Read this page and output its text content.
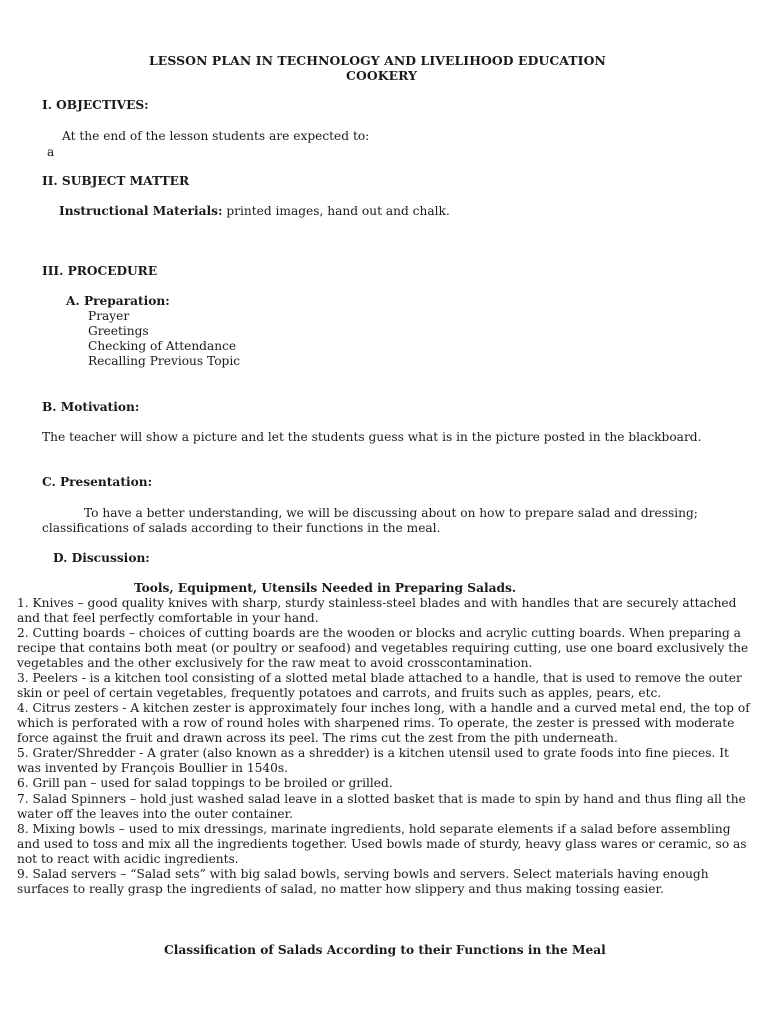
LESSON PLAN IN TECHNOLOGY AND LIVELIHOOD EDUCATION
COOKERY
I. OBJECTIVES:
At the end of the lesson students are expected to:
a
II. SUBJECT MATTER
Instructional Materials: printed images, hand out and chalk.
III. PROCEDURE
A. Preparation:
Prayer
Greetings
Checking of Attendance
Recalling Previous Topic
B. Motivation:
The teacher will show a picture and let the students guess what is in the picture posted in the blackboard.
C. Presentation:
To have a better understanding, we will be discussing about on how to prepare salad and dressing;
classifications of salads according to their functions in the meal.
D. Discussion:
Tools, Equipment, Utensils Needed in Preparing Salads.
1. Knives – good quality knives with sharp, sturdy stainless-steel blades and with handles that are securely attached
and that feel perfectly comfortable in your hand.
2. Cutting boards – choices of cutting boards are the wooden or blocks and acrylic cutting boards. When preparing a
recipe that contains both meat (or poultry or seafood) and vegetables requiring cutting, use one board exclusively the
vegetables and the other exclusively for the raw meat to avoid crosscontamination.
3. Peelers - is a kitchen tool consisting of a slotted metal blade attached to a handle, that is used to remove the outer
skin or peel of certain vegetables, frequently potatoes and carrots, and fruits such as apples, pears, etc.
4. Citrus zesters - A kitchen zester is approximately four inches long, with a handle and a curved metal end, the top of
which is perforated with a row of round holes with sharpened rims. To operate, the zester is pressed with moderate
force against the fruit and drawn across its peel. The rims cut the zest from the pith underneath.
5. Grater/Shredder - A grater (also known as a shredder) is a kitchen utensil used to grate foods into fine pieces. It
was invented by François Boullier in 1540s.
6. Grill pan – used for salad toppings to be broiled or grilled.
7. Salad Spinners – hold just washed salad leave in a slotted basket that is made to spin by hand and thus fling all the
water off the leaves into the outer container.
8. Mixing bowls – used to mix dressings, marinate ingredients, hold separate elements if a salad before assembling
and used to toss and mix all the ingredients together. Used bowls made of sturdy, heavy glass wares or ceramic, so as
not to react with acidic ingredients.
9. Salad servers – “Salad sets” with big salad bowls, serving bowls and servers. Select materials having enough
surfaces to really grasp the ingredients of salad, no matter how slippery and thus making tossing easier.
Classification of Salads According to their Functions in the Meal
